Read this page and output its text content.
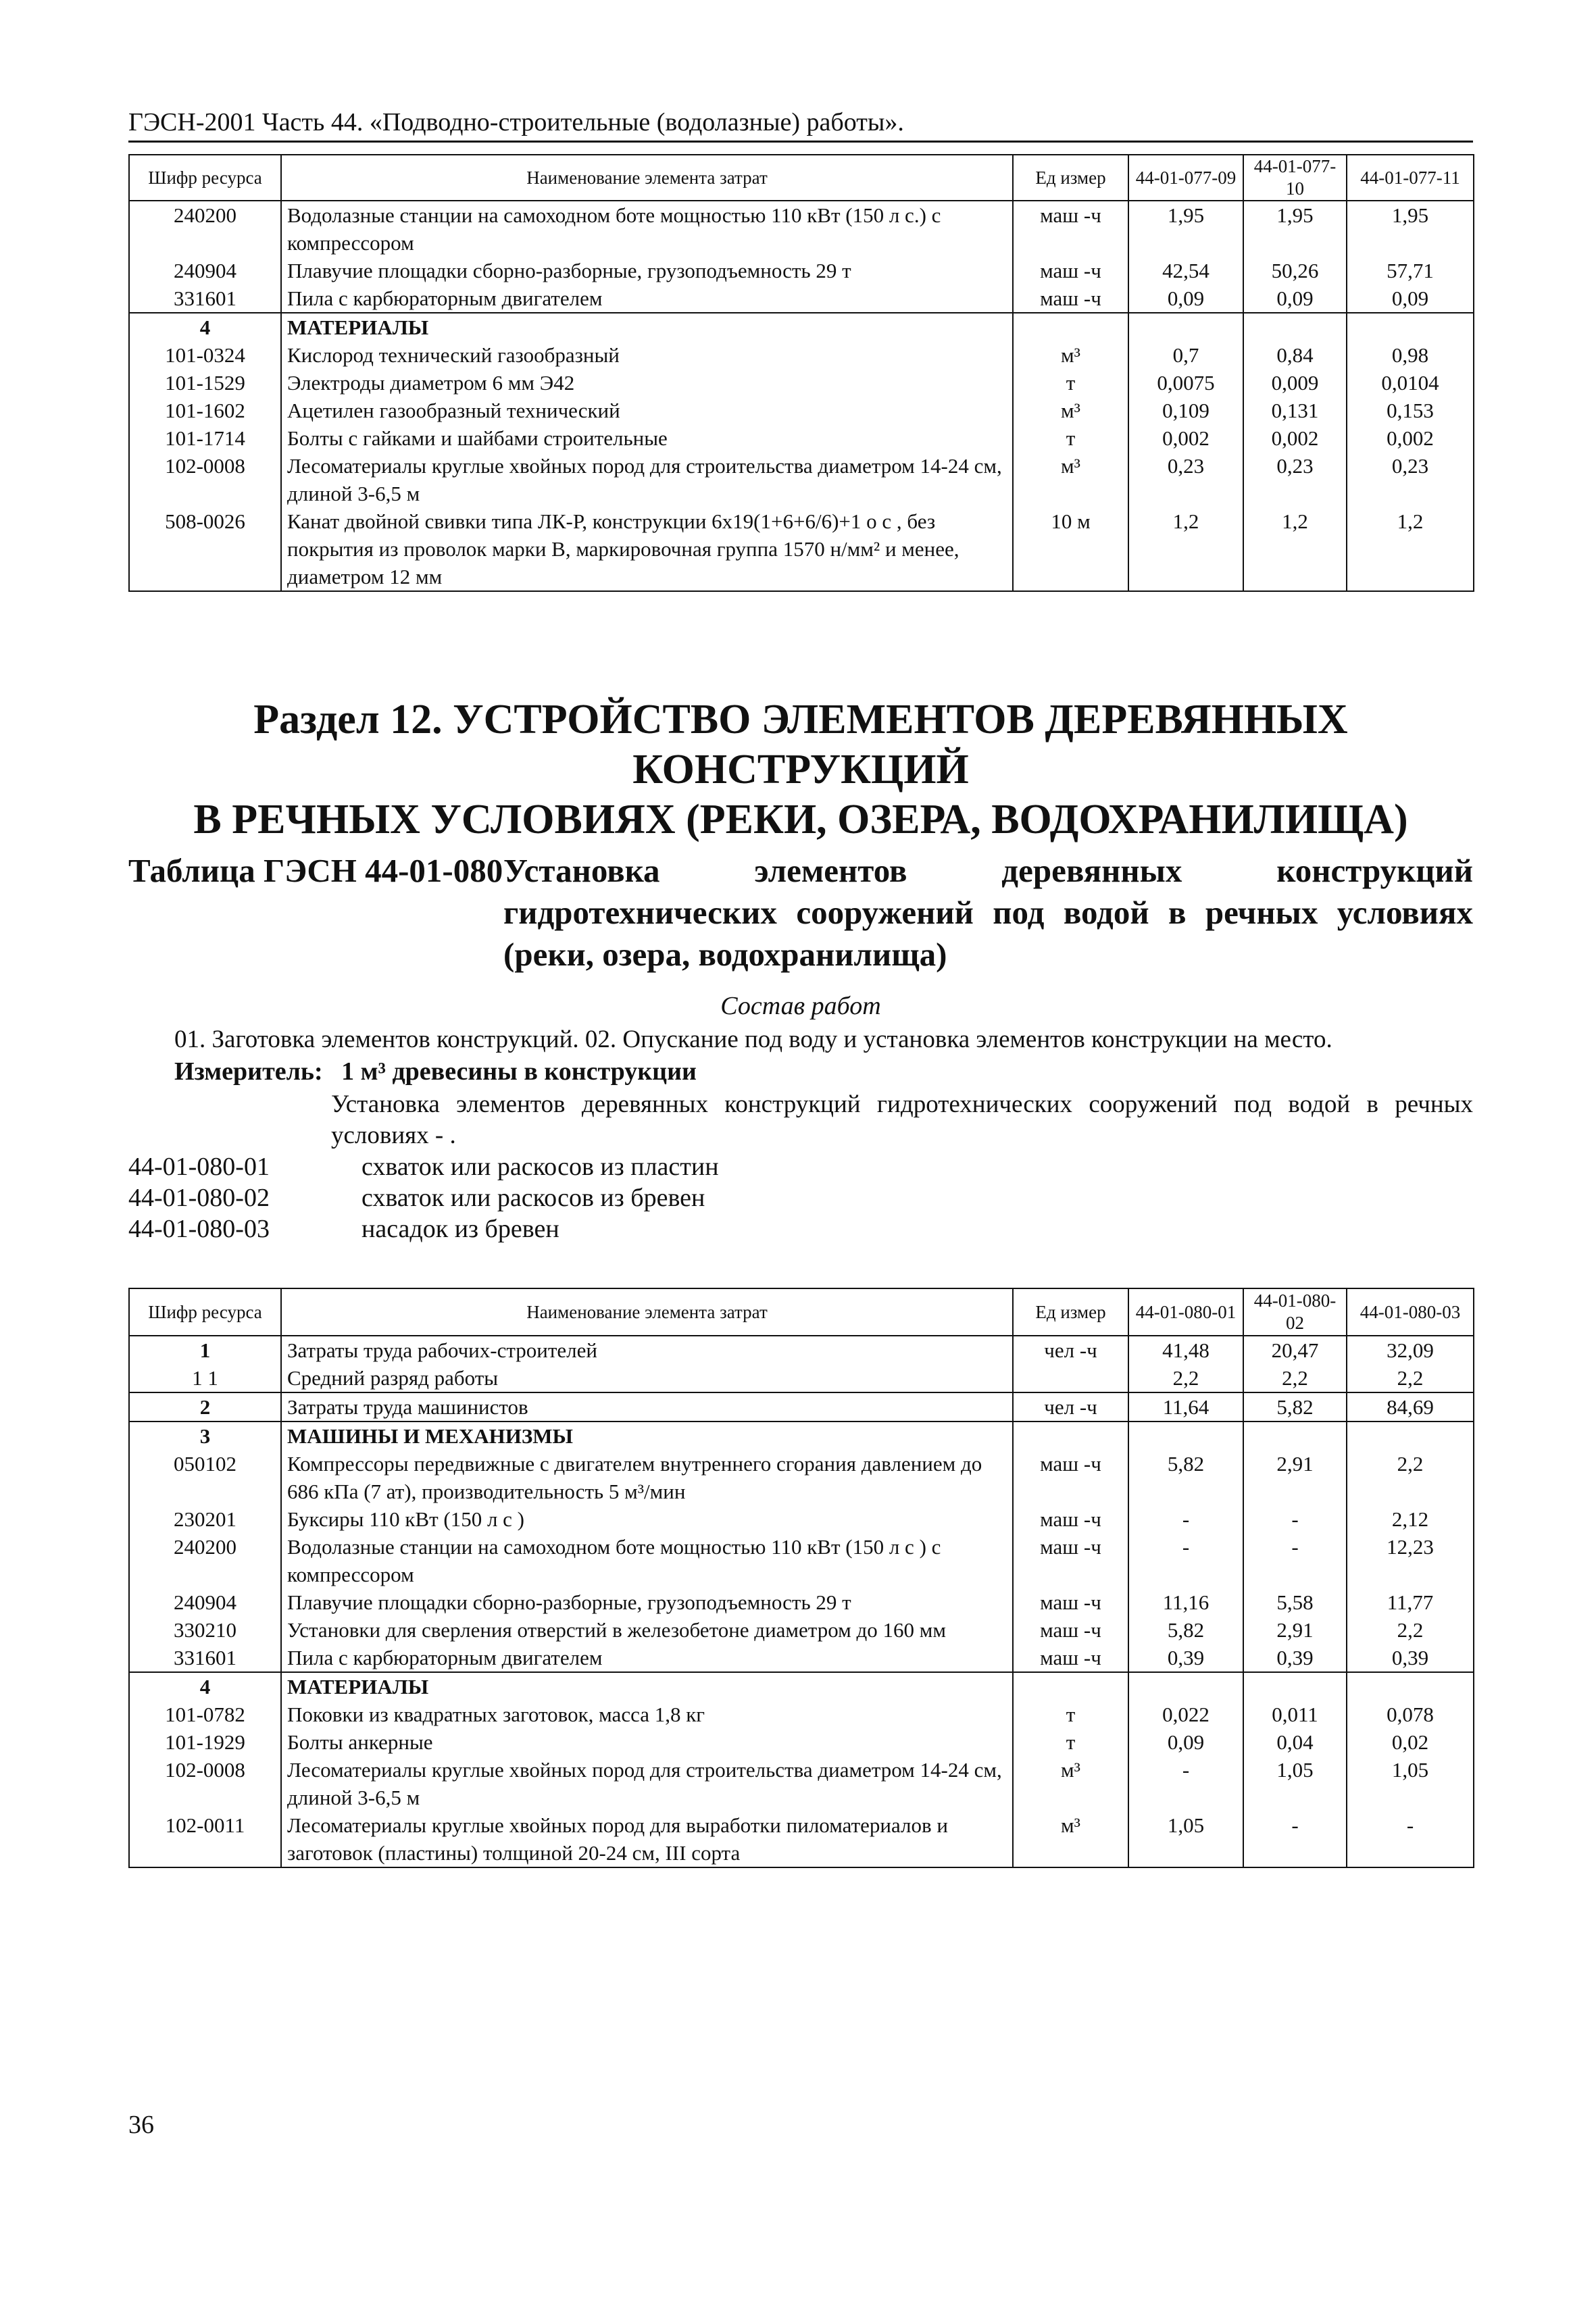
ГЭСН-2001 Часть 44. «Подводно-строительные (водолазные) работы».
Шифр ресурса	Наименование элемента затрат	Ед измер	44-01-077-09	44-01-077-10	44-01-077-11
240200	Водолазные станции на самоходном боте мощностью 110 кВт (150 л с.) с компрессором	маш -ч	1,95	1,95	1,95
240904	Плавучие площадки сборно-разборные, грузоподъемность 29 т	маш -ч	42,54	50,26	57,71
331601	Пила с карбюраторным двигателем	маш -ч	0,09	0,09	0,09
4	МАТЕРИАЛЫ				
101-0324	Кислород технический газообразный	м³	0,7	0,84	0,98
101-1529	Электроды диаметром 6 мм Э42	т	0,0075	0,009	0,0104
101-1602	Ацетилен газообразный технический	м³	0,109	0,131	0,153
101-1714	Болты с гайками и шайбами строительные	т	0,002	0,002	0,002
102-0008	Лесоматериалы круглые хвойных пород для строительства диаметром 14-24 см, длиной 3-6,5 м	м³	0,23	0,23	0,23
508-0026	Канат двойной свивки типа ЛК-Р, конструкции 6х19(1+6+6/6)+1 о с , без покрытия из проволок марки В, маркировочная группа 1570 н/мм² и менее, диаметром 12 мм	10 м	1,2	1,2	1,2
Раздел 12. УСТРОЙСТВО ЭЛЕМЕНТОВ ДЕРЕВЯННЫХ КОНСТРУКЦИЙ
В РЕЧНЫХ УСЛОВИЯХ (РЕКИ, ОЗЕРА, ВОДОХРАНИЛИЩА)
Таблица ГЭСН 44-01-080 Установка элементов деревянных конструкций гидротехнических сооружений под водой в речных условиях (реки, озера, водохранилища)
Состав работ
01. Заготовка элементов конструкций. 02. Опускание под воду и установка элементов конструкции на место.
Измеритель: 1 м³ древесины в конструкции
Установка элементов деревянных конструкций гидротехнических сооружений под водой в речных условиях - .
44-01-080-01	схваток или раскосов из пластин
44-01-080-02	схваток или раскосов из бревен
44-01-080-03	насадок из бревен
Шифр ресурса	Наименование элемента затрат	Ед измер	44-01-080-01	44-01-080-02	44-01-080-03
1	Затраты труда рабочих-строителей	чел -ч	41,48	20,47	32,09
1 1	Средний разряд работы		2,2	2,2	2,2
2	Затраты труда машинистов	чел -ч	11,64	5,82	84,69
3	МАШИНЫ И МЕХАНИЗМЫ				
050102	Компрессоры передвижные с двигателем внутреннего сгорания давлением до 686 кПа (7 ат), производительность 5 м³/мин	маш -ч	5,82	2,91	2,2
230201	Буксиры 110 кВт (150 л с )	маш -ч	-	-	2,12
240200	Водолазные станции на самоходном боте мощностью 110 кВт (150 л с ) с компрессором	маш -ч	-	-	12,23
240904	Плавучие площадки сборно-разборные, грузоподъемность 29 т	маш -ч	11,16	5,58	11,77
330210	Установки для сверления отверстий в железобетоне диаметром до 160 мм	маш -ч	5,82	2,91	2,2
331601	Пила с карбюраторным двигателем	маш -ч	0,39	0,39	0,39
4	МАТЕРИАЛЫ				
101-0782	Поковки из квадратных заготовок, масса 1,8 кг	т	0,022	0,011	0,078
101-1929	Болты анкерные	т	0,09	0,04	0,02
102-0008	Лесоматериалы круглые хвойных пород для строительства диаметром 14-24 см, длиной 3-6,5 м	м³	-	1,05	1,05
102-0011	Лесоматериалы круглые хвойных пород для выработки пиломатериалов и заготовок (пластины) толщиной 20-24 см, III сорта	м³	1,05	-	-
36
